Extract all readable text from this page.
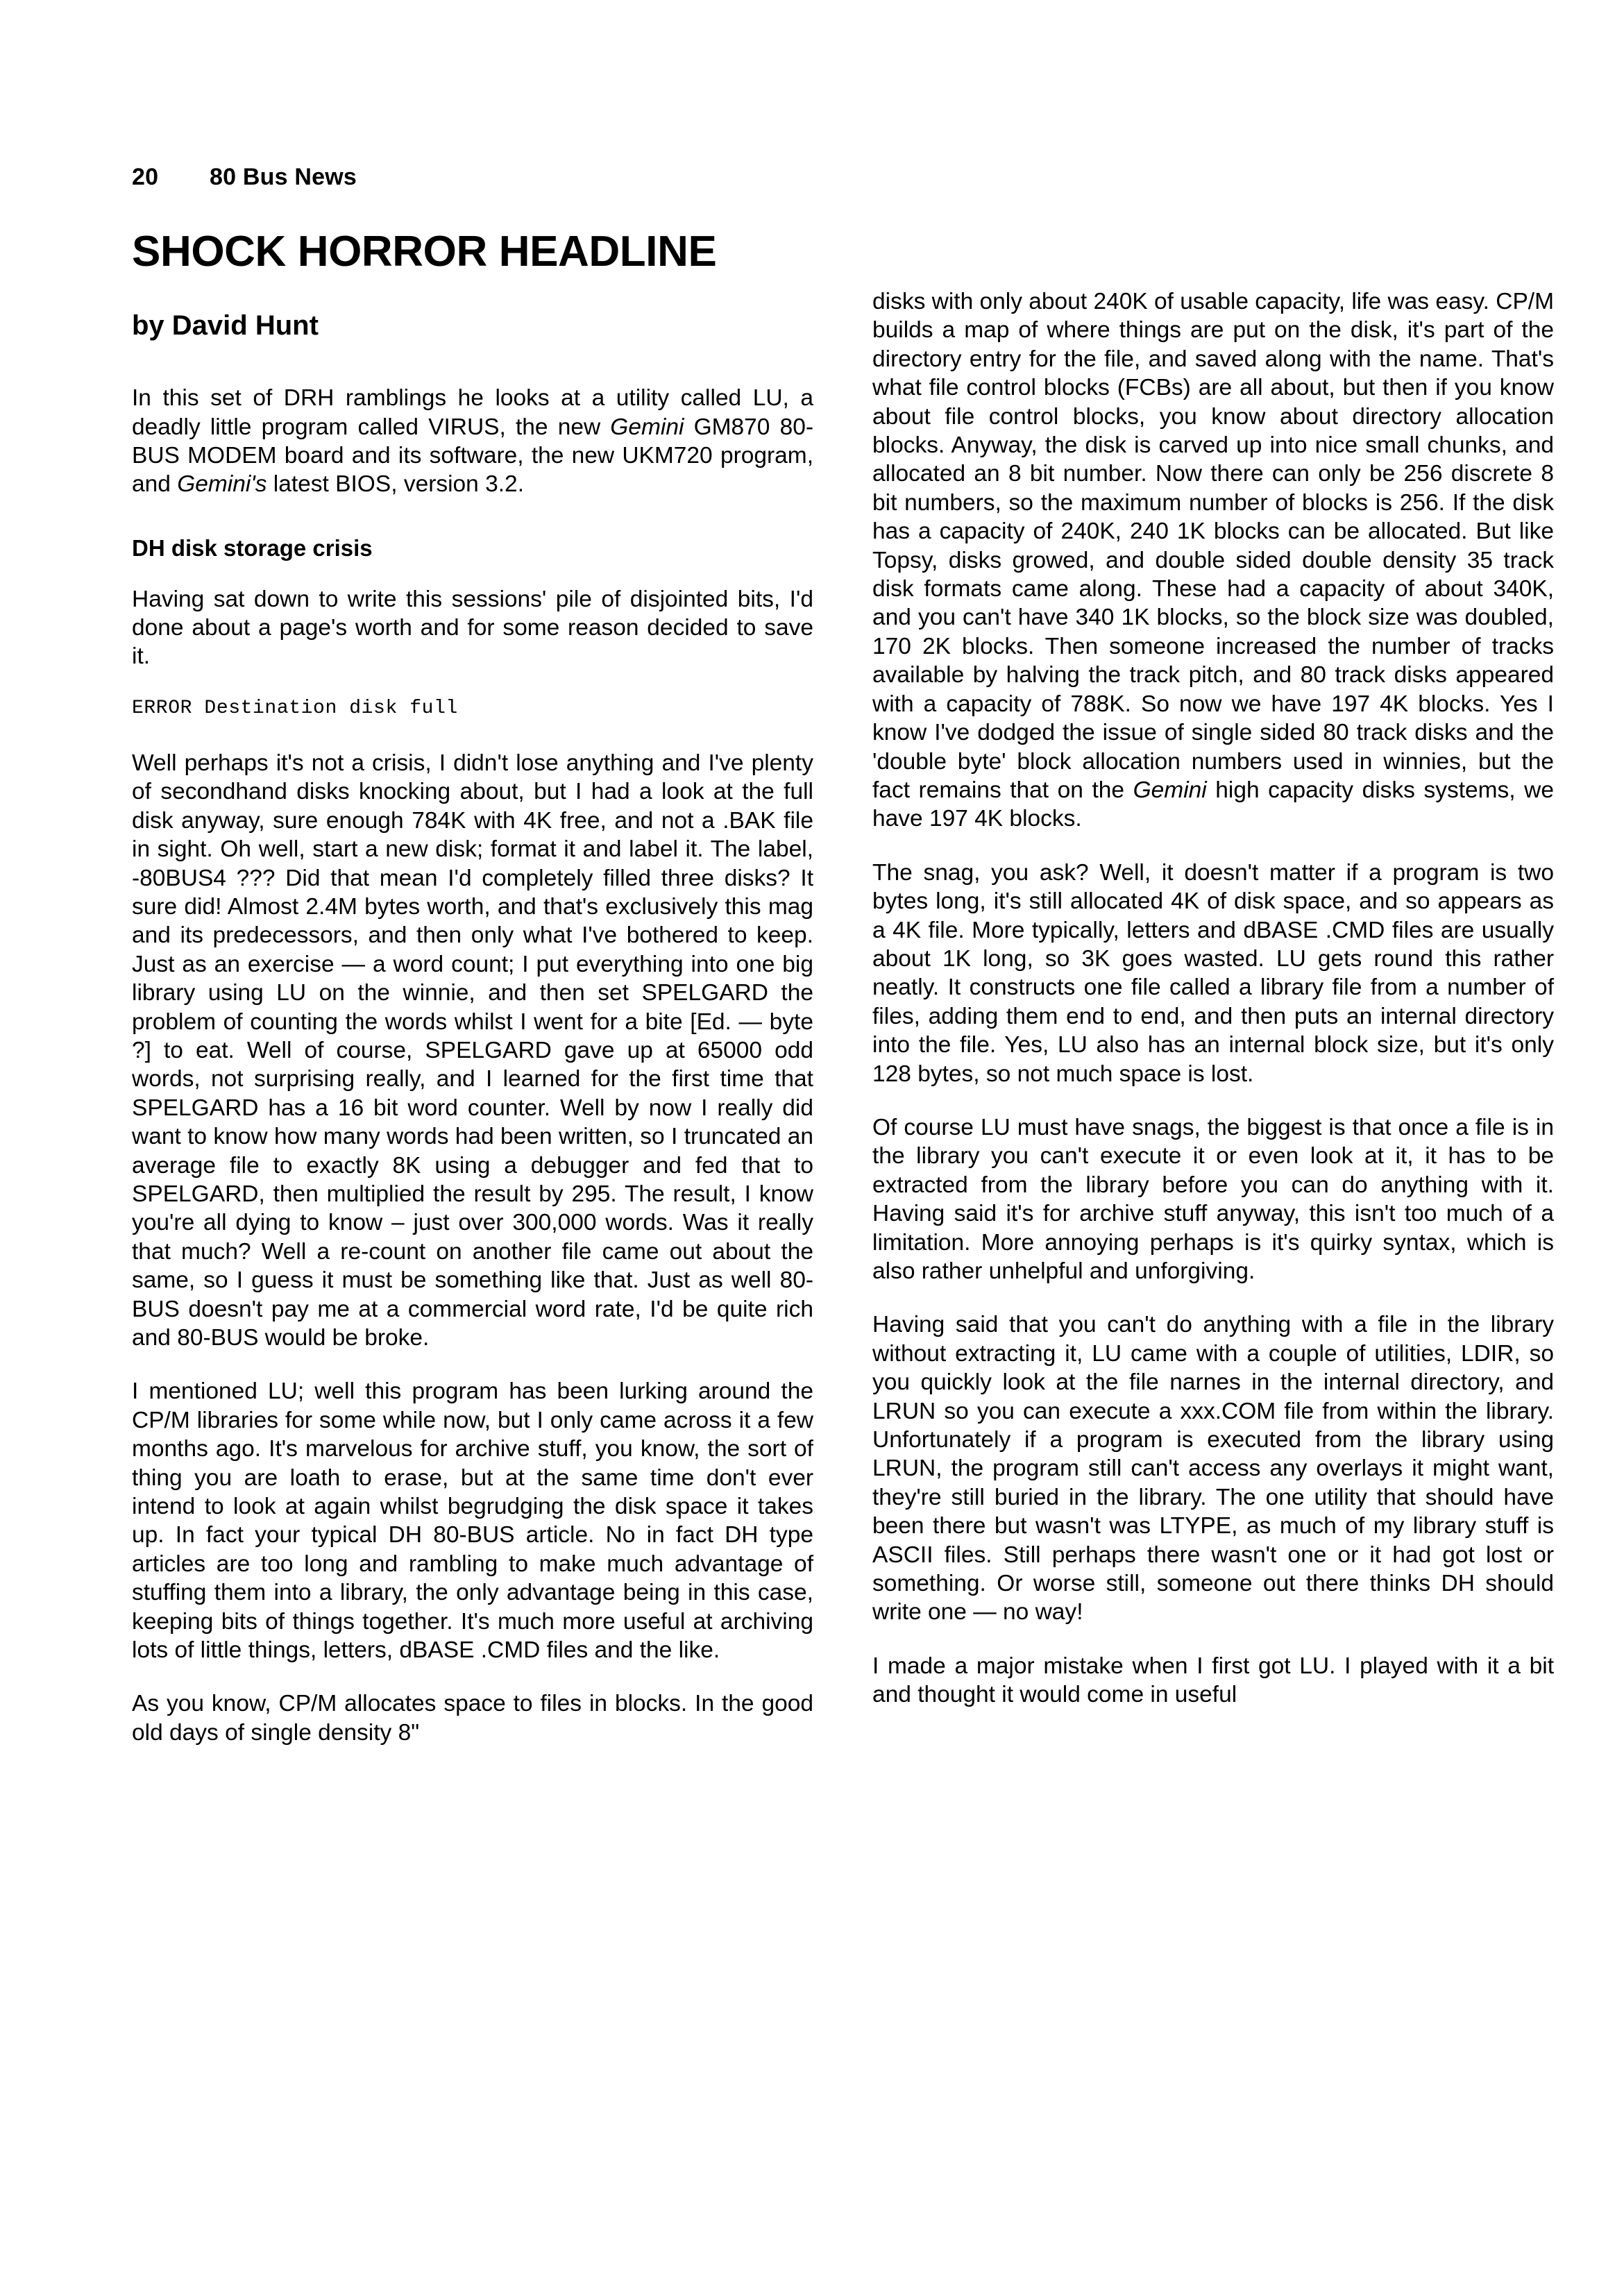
20	80 Bus News
SHOCK HORROR HEADLINE
by David Hunt

In this set of DRH ramblings he looks at a utility called LU, a deadly little program called VIRUS, the new Gemini GM870 80-BUS MODEM board and its software, the new UKM720 program, and Gemini's latest BIOS, version 3.2.

DH disk storage crisis

Having sat down to write this sessions' pile of disjointed bits, I'd done about a page's worth and for some reason decided to save it.

ERROR Destination disk full

Well perhaps it's not a crisis, I didn't lose anything and I've plenty of secondhand disks knocking about, but I had a look at the full disk anyway, sure enough 784K with 4K free, and not a .BAK file in sight. Oh well, start a new disk; format it and label it. The label, -80BUS4 ??? Did that mean I'd completely filled three disks? It sure did! Almost 2.4M bytes worth, and that's exclusively this mag and its predecessors, and then only what I've bothered to keep. Just as an exercise — a word count; I put everything into one big library using LU on the winnie, and then set SPELGARD the problem of counting the words whilst I went for a bite [Ed. — byte ?] to eat. Well of course, SPELGARD gave up at 65000 odd words, not surprising really, and I learned for the first time that SPELGARD has a 16 bit word counter. Well by now I really did want to know how many words had been written, so I truncated an average file to exactly 8K using a debugger and fed that to SPELGARD, then multiplied the result by 295. The result, I know you're all dying to know – just over 300,000 words. Was it really that much? Well a re-count on another file came out about the same, so I guess it must be something like that. Just as well 80-BUS doesn't pay me at a commercial word rate, I'd be quite rich and 80-BUS would be broke.

I mentioned LU; well this program has been lurking around the CP/M libraries for some while now, but I only came across it a few months ago. It's marvelous for archive stuff, you know, the sort of thing you are loath to erase, but at the same time don't ever intend to look at again whilst begrudging the disk space it takes up. In fact your typical DH 80-BUS article. No in fact DH type articles are too long and rambling to make much advantage of stuffing them into a library, the only advantage being in this case, keeping bits of things together. It's much more useful at archiving lots of little things, letters, dBASE .CMD files and the like.

As you know, CP/M allocates space to files in blocks. In the good old days of single density 8"

disks with only about 240K of usable capacity, life was easy. CP/M builds a map of where things are put on the disk, it's part of the directory entry for the file, and saved along with the name. That's what file control blocks (FCBs) are all about, but then if you know about file control blocks, you know about directory allocation blocks. Anyway, the disk is carved up into nice small chunks, and allocated an 8 bit number. Now there can only be 256 discrete 8 bit numbers, so the maximum number of blocks is 256. If the disk has a capacity of 240K, 240 1K blocks can be allocated. But like Topsy, disks growed, and double sided double density 35 track disk formats came along. These had a capacity of about 340K, and you can't have 340 1K blocks, so the block size was doubled, 170 2K blocks. Then someone increased the number of tracks available by halving the track pitch, and 80 track disks appeared with a capacity of 788K. So now we have 197 4K blocks. Yes I know I've dodged the issue of single sided 80 track disks and the 'double byte' block allocation numbers used in winnies, but the fact remains that on the Gemini high capacity disks systems, we have 197 4K blocks.

The snag, you ask? Well, it doesn't matter if a program is two bytes long, it's still allocated 4K of disk space, and so appears as a 4K file. More typically, letters and dBASE .CMD files are usually about 1K long, so 3K goes wasted. LU gets round this rather neatly. It constructs one file called a library file from a number of files, adding them end to end, and then puts an internal directory into the file. Yes, LU also has an internal block size, but it's only 128 bytes, so not much space is lost.

Of course LU must have snags, the biggest is that once a file is in the library you can't execute it or even look at it, it has to be extracted from the library before you can do anything with it. Having said it's for archive stuff anyway, this isn't too much of a limitation. More annoying perhaps is it's quirky syntax, which is also rather unhelpful and unforgiving.

Having said that you can't do anything with a file in the library without extracting it, LU came with a couple of utilities, LDIR, so you quickly look at the file narnes in the internal directory, and LRUN so you can execute a xxx.COM file from within the library. Unfortunately if a program is executed from the library using LRUN, the program still can't access any overlays it might want, they're still buried in the library. The one utility that should have been there but wasn't was LTYPE, as much of my library stuff is ASCII files. Still perhaps there wasn't one or it had got lost or something. Or worse still, someone out there thinks DH should write one — no way!

I made a major mistake when I first got LU. I played with it a bit and thought it would come in useful
